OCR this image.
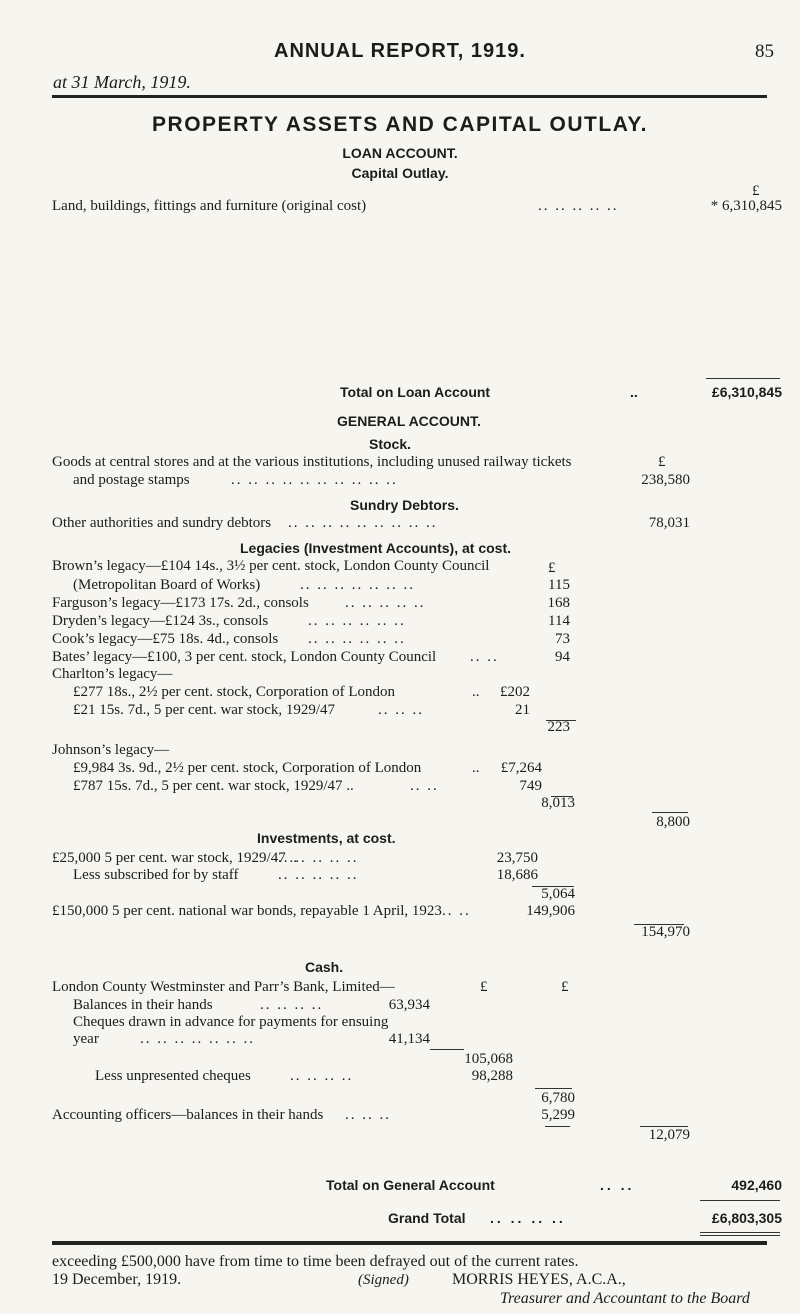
ANNUAL REPORT, 1919.	85
at 31 March, 1919.
PROPERTY ASSETS AND CAPITAL OUTLAY.
LOAN ACCOUNT.
Capital Outlay.
£
Land, buildings, fittings and furniture (original cost)	.. .. .. .. ..	* 6,310,845
Total on Loan Account	..	£6,310,845
GENERAL ACCOUNT.
Stock.
Goods at central stores and at the various institutions, including unused railway tickets	£
and postage stamps	.. .. .. .. .. .. .. .. .. ..	238,580
Sundry Debtors.
Other authorities and sundry debtors .. .. .. .. .. .. .. .. ..	78,031
Legacies (Investment Accounts), at cost.
£
Brown’s legacy—£104 14s., 3½ per cent. stock, London County Council
(Metropolitan Board of Works)	.. .. .. .. .. .. ..	115
Farguson’s legacy—£173 17s. 2d., consols .. .. .. .. ..	168
Dryden’s legacy—£124 3s., consols	.. .. .. .. .. ..	114
Cook’s legacy—£75 18s. 4d., consols .. .. .. .. .. ..	73
Bates’ legacy—£100, 3 per cent. stock, London County Council .. ..	94
Charlton’s legacy—
£277 18s., 2½ per cent. stock, Corporation of London	..	£202
£21 15s. 7d., 5 per cent. war stock, 1929/47	.. .. ..	21
223
Johnson’s legacy—
£9,984 3s. 9d., 2½ per cent. stock, Corporation of London	..	£7,264
£787 15s. 7d., 5 per cent. war stock, 1929/47 ..	.. ..	749
8,013
8,800
Investments, at cost.
£25,000 5 per cent. war stock, 1929/47 ..
.. .. .. .. ..	23,750
Less subscribed for by staff	.. .. .. .. ..	18,686
5,064
£150,000 5 per cent. national war bonds, repayable 1 April, 1923 .. ..	149,906
154,970
Cash.
London County Westminster and Parr’s Bank, Limited—	£	£
Balances in their hands	.. .. .. ..	63,934
Cheques drawn in advance for payments for ensuing
year	.. .. .. .. .. .. ..	41,134
105,068
Less unpresented cheques	.. .. .. ..	98,288
6,780
Accounting officers—balances in their hands .. .. ..	5,299
12,079
Total on General Account	.. ..	492,460
Grand Total .. .. .. ..	£6,803,305
exceeding £500,000 have from time to time been defrayed out of the current rates.
19 December, 1919.	(Signed)	MORRIS HEYES, A.C.A.,
Treasurer and Accountant to the Board
